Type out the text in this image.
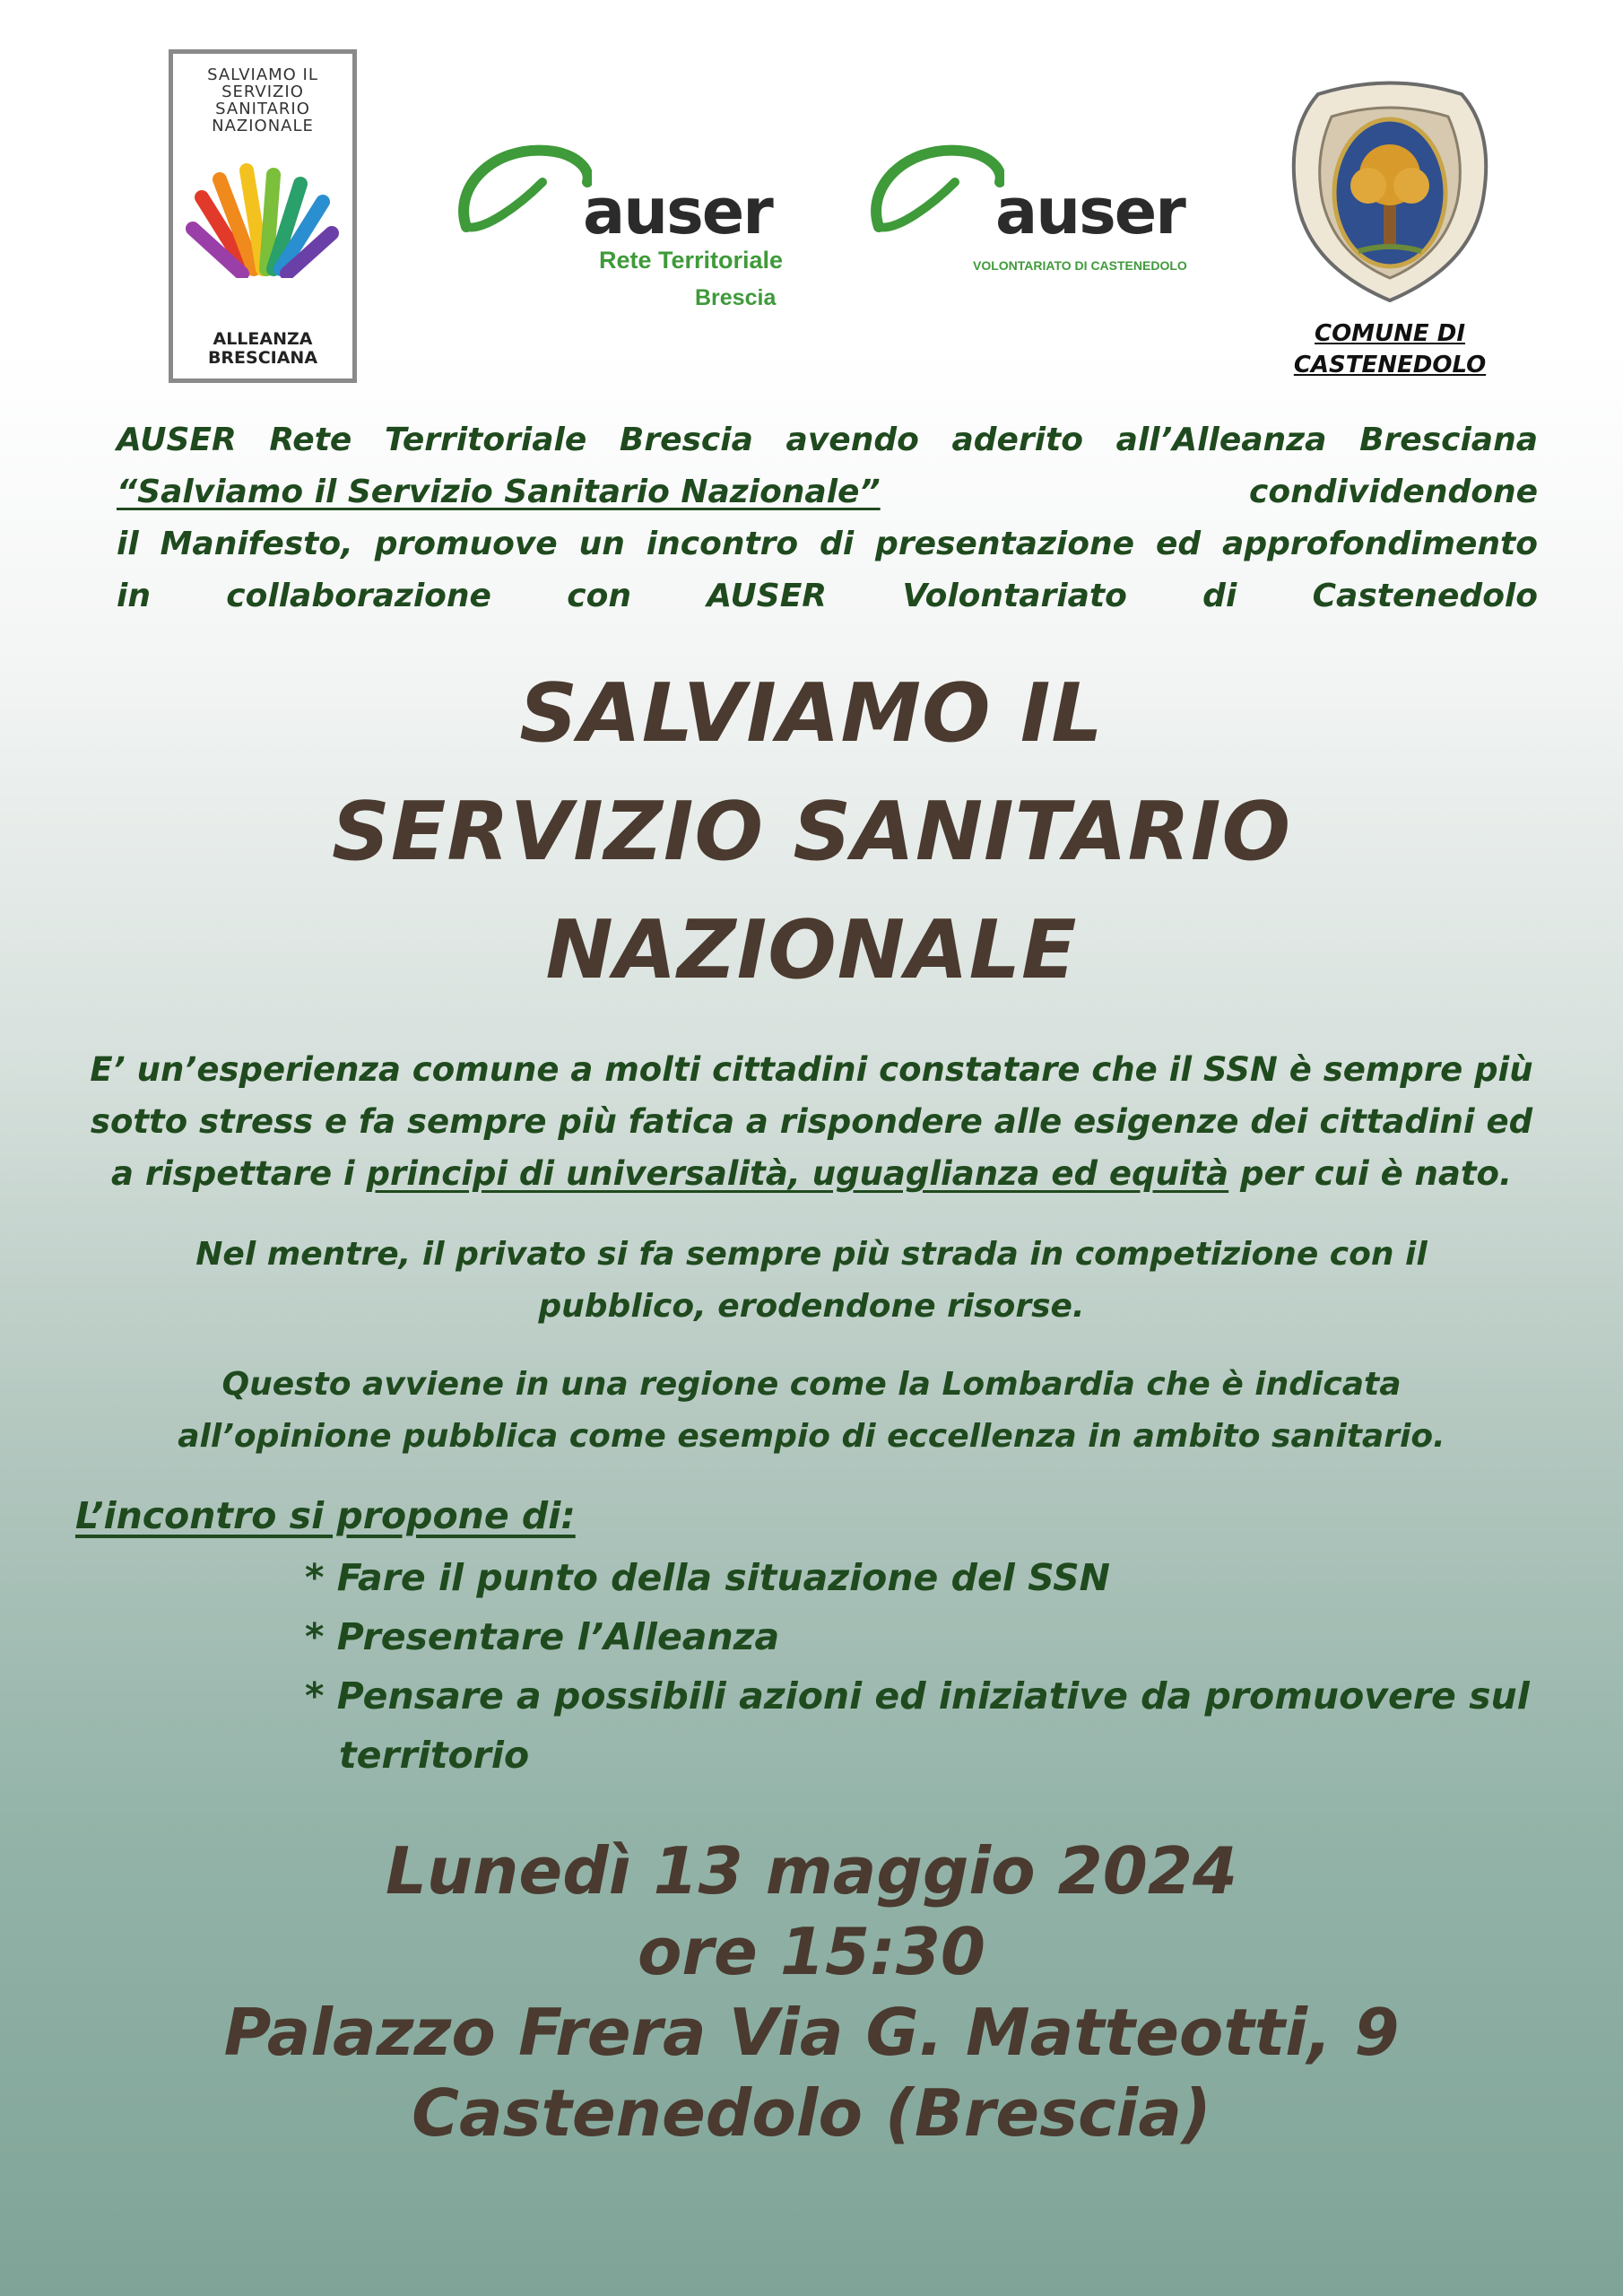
SALVIAMO IL
SERVIZIO
SANITARIO
NAZIONALE
ALLEANZA
BRESCIANA
auser
Rete Territoriale
Brescia
auser
VOLONTARIATO DI CASTENEDOLO
COMUNE DI
CASTENEDOLO
AUSER Rete Territoriale Brescia avendo aderito all’Alleanza Bresciana
“Salviamo il Servizio Sanitario Nazionale”	condividendone
il Manifesto, promuove un incontro di presentazione ed approfondimento
in collaborazione con AUSER Volontariato di Castenedolo
SALVIAMO IL
SERVIZIO SANITARIO
NAZIONALE
E’ un’esperienza comune a molti cittadini constatare che il SSN è sempre più
sotto stress e fa sempre più fatica a rispondere alle esigenze dei cittadini ed
a rispettare i principi di universalità, uguaglianza ed equità per cui è nato.
Nel mentre, il privato si fa sempre più strada in competizione con il
pubblico, erodendone risorse.
Questo avviene in una regione come la Lombardia che è indicata
all’opinione pubblica come esempio di eccellenza in ambito sanitario.
L’incontro si propone di:
* Fare il punto della situazione del SSN
* Presentare l’Alleanza
* Pensare a possibili azioni ed iniziative da promuovere sul territorio
Lunedì 13 maggio 2024
ore 15:30
Palazzo Frera Via G. Matteotti, 9
Castenedolo (Brescia)
